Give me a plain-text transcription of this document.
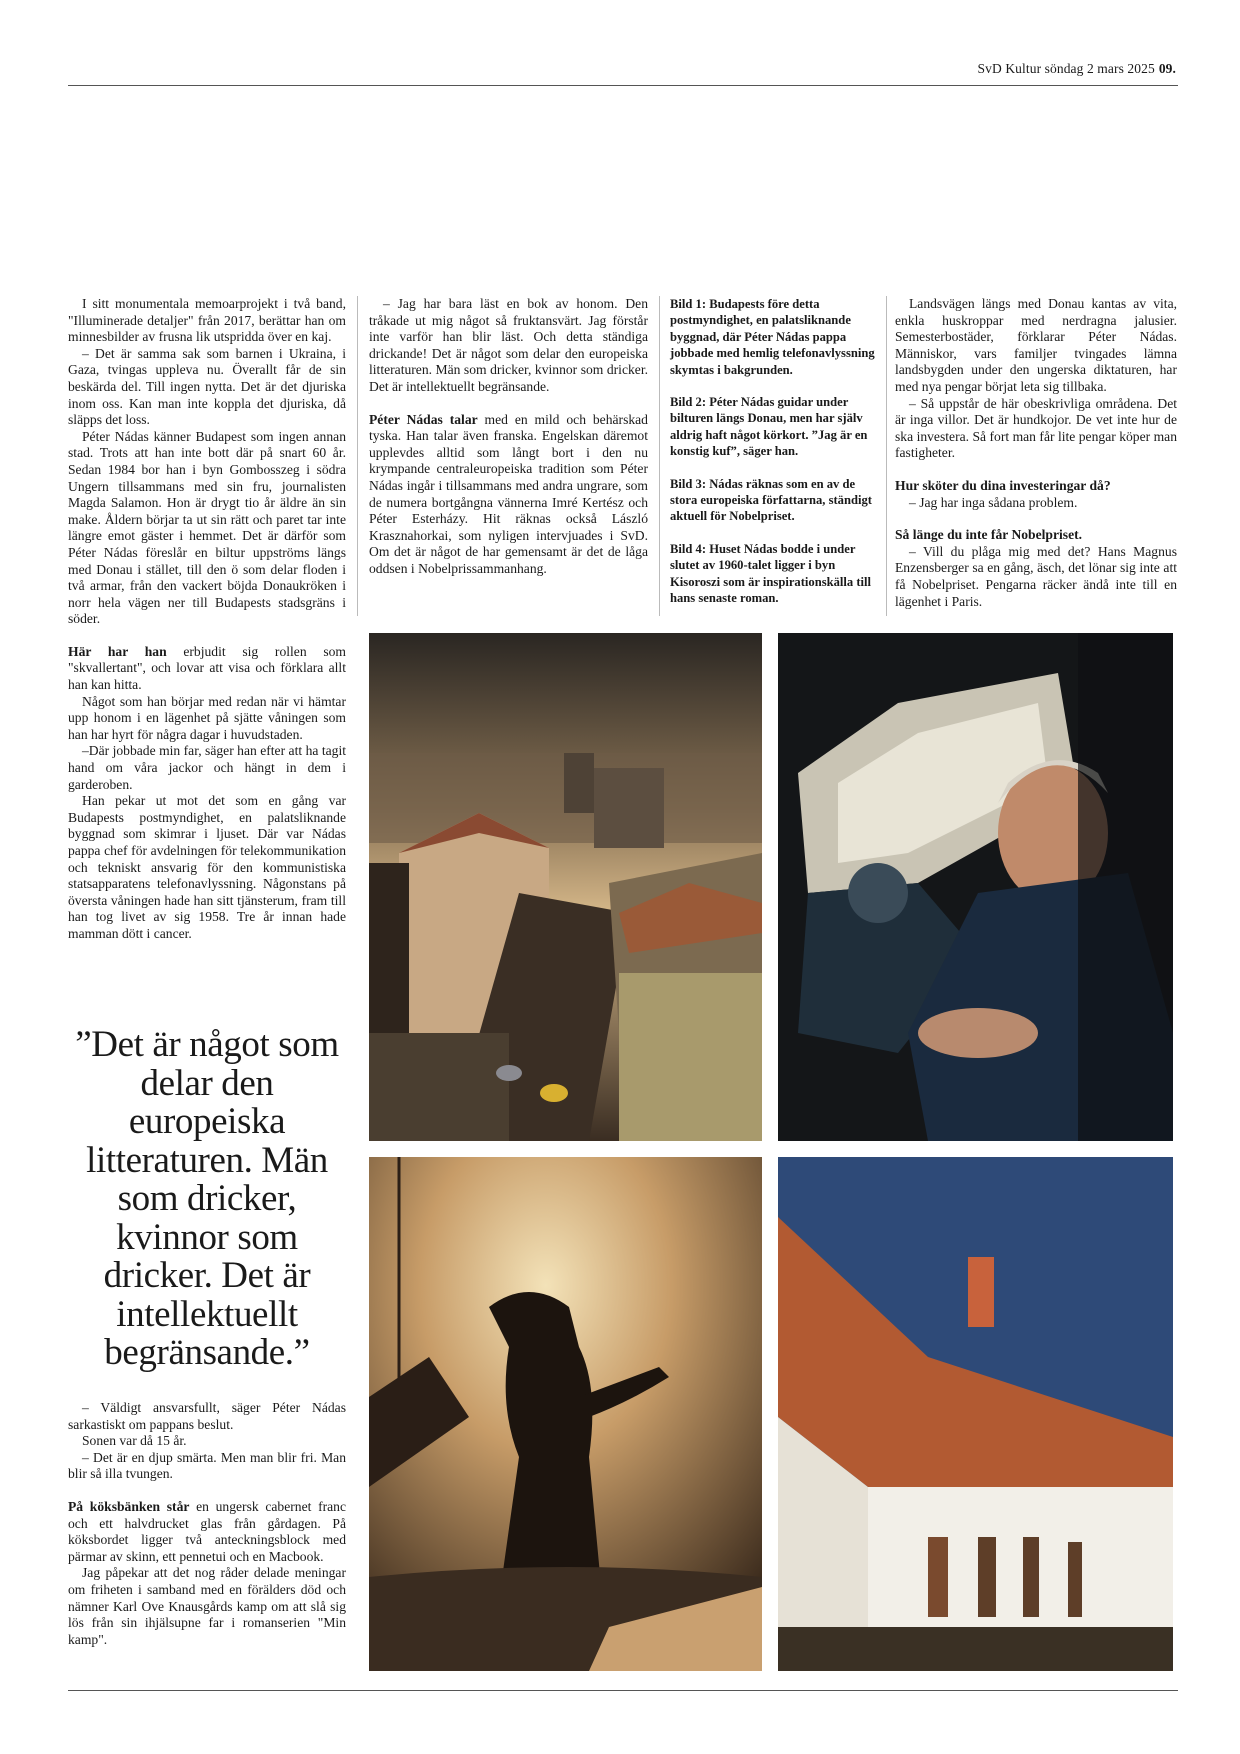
SvD Kultur söndag 2 mars 2025 09.

I sitt monumentala memoarprojekt i två band, "Illuminerade detaljer" från 2017, berättar han om minnesbilder av frusna lik utspridda över en kaj.

– Det är samma sak som barnen i Ukraina, i Gaza, tvingas uppleva nu. Överallt får de sin beskärda del. Till ingen nytta. Det är det djuriska inom oss. Kan man inte koppla det djuriska, då släpps det loss.

Péter Nádas känner Budapest som ingen annan stad. Trots att han inte bott där på snart 60 år. Sedan 1984 bor han i byn Gombosszeg i södra Ungern tillsammans med sin fru, journalisten Magda Salamon. Hon är drygt tio år äldre än sin make. Åldern börjar ta ut sin rätt och paret tar inte längre emot gäster i hemmet. Det är därför som Péter Nádas föreslår en biltur uppströms längs med Donau i stället, till den ö som delar floden i två armar, från den vackert böjda Donaukröken i norr hela vägen ner till Budapests stadsgräns i söder.

Här har han erbjudit sig rollen som "skvallertant", och lovar att visa och förklara allt han kan hitta.

Något som han börjar med redan när vi hämtar upp honom i en lägenhet på sjätte våningen som han har hyrt för några dagar i huvudstaden.

–Där jobbade min far, säger han efter att ha tagit hand om våra jackor och hängt in dem i garderoben.

Han pekar ut mot det som en gång var Budapests postmyndighet, en palatsliknande byggnad som skimrar i ljuset. Där var Nádas pappa chef för avdelningen för telekommunikation och tekniskt ansvarig för den kommunistiska statsapparatens telefonavlyssning. Någonstans på översta våningen hade han sitt tjänsterum, fram till han tog livet av sig 1958. Tre år innan hade mamman dött i cancer.

”Det är något som delar den europeiska litteraturen. Män som dricker, kvinnor som dricker. Det är intellektuellt begränsande.”

– Väldigt ansvarsfullt, säger Péter Nádas sarkastiskt om pappans beslut.

Sonen var då 15 år.

– Det är en djup smärta. Men man blir fri. Man blir så illa tvungen.

På köksbänken står en ungersk cabernet franc och ett halvdrucket glas från gårdagen. På köksbordet ligger två anteckningsblock med pärmar av skinn, ett pennetui och en Macbook.

Jag påpekar att det nog råder delade meningar om friheten i samband med en förälders död och nämner Karl Ove Knausgårds kamp om att slå sig lös från sin ihjälsupne far i romanserien "Min kamp".

– Jag har bara läst en bok av honom. Den tråkade ut mig något så fruktansvärt. Jag förstår inte varför han blir läst. Och detta ständiga drickande! Det är något som delar den europeiska litteraturen. Män som dricker, kvinnor som dricker. Det är intellektuellt begränsande.

Péter Nádas talar med en mild och behärskad tyska. Han talar även franska. Engelskan däremot upplevdes alltid som långt bort i den nu krympande centraleuropeiska tradition som Péter Nádas ingår i tillsammans med andra ungrare, som de numera bortgångna vännerna Imré Kertész och Péter Esterházy. Hit räknas också László Krasznahorkai, som nyligen intervjuades i SvD. Om det är något de har gemensamt är det de låga oddsen i Nobelprissammanhang.

Bild 1: Budapests före detta postmyndighet, en palatsliknande byggnad, där Péter Nádas pappa jobbade med hemlig telefonavlyssning skymtas i bakgrunden.

Bild 2: Péter Nádas guidar under bilturen längs Donau, men har själv aldrig haft något körkort. ”Jag är en konstig kuf”, säger han.

Bild 3: Nádas räknas som en av de stora europeiska författarna, ständigt aktuell för Nobelpriset.

Bild 4: Huset Nádas bodde i under slutet av 1960-talet ligger i byn Kisoroszi som är inspirationskälla till hans senaste roman.

Landsvägen längs med Donau kantas av vita, enkla huskroppar med nerdragna jalusier. Semesterbostäder, förklarar Péter Nádas. Människor, vars familjer tvingades lämna landsbygden under den ungerska diktaturen, har med nya pengar börjat leta sig tillbaka.

– Så uppstår de här obeskrivliga områdena. Det är inga villor. Det är hundkojor. De vet inte hur de ska investera. Så fort man får lite pengar köper man fastigheter.

Hur sköter du dina investeringar då?

– Jag har inga sådana problem.

Så länge du inte får Nobelpriset.

– Vill du plåga mig med det? Hans Magnus Enzensberger sa en gång, äsch, det lönar sig inte att få Nobelpriset. Pengarna räcker ändå inte till en lägenhet i Paris.
